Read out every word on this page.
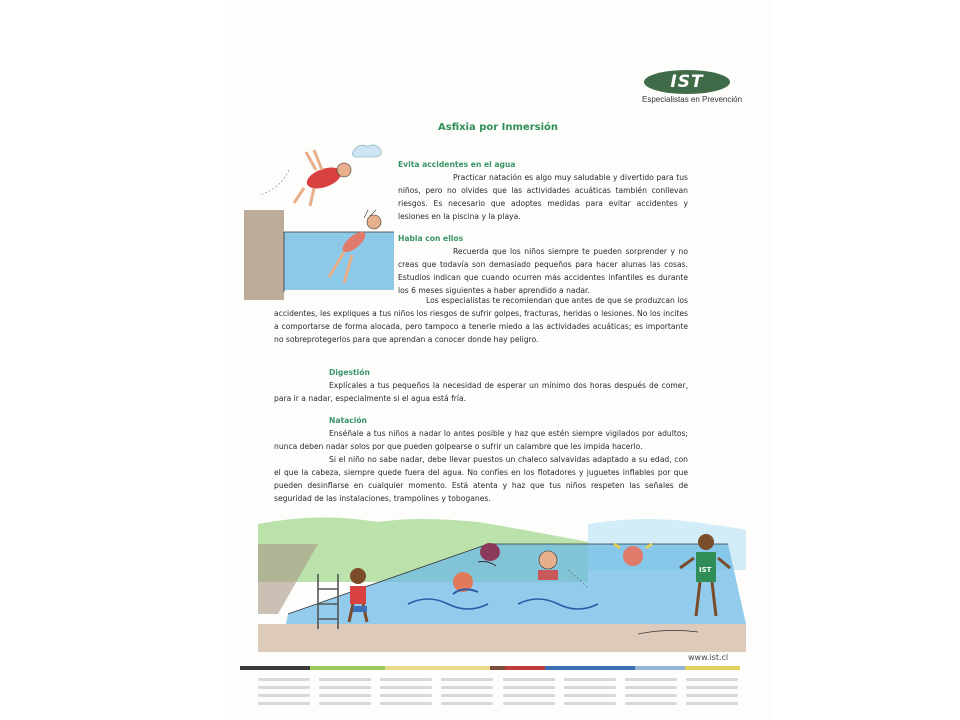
IST
Especialistas en Prevención
Asfixia por Inmersión
Evita accidentes en el agua
Practicar natación es algo muy saludable y divertido para tus niños, pero no olvides que las actividades acuáticas también conllevan riesgos. Es necesario que adoptes medidas para evitar accidentes y lesiones en la piscina y la playa.
Habla con ellos
Recuerda que los niños siempre te pueden sorprender y no creas que todavía son demasiado pequeños para hacer alunas las cosas. Estudios indican que cuando ocurren más accidentes infantiles es durante los 6 meses siguientes a haber aprendido a nadar.
Los especialistas te recomiendan que antes de que se produzcan los accidentes, les expliques a tus niños los riesgos de sufrir golpes, fracturas, heridas o lesiones. No los incites a comportarse de forma alocada, pero tampoco a tenerle miedo a las actividades acuáticas; es importante no sobreprotegerlos para que aprendan a conocer donde hay peligro.
Digestión
Explícales a tus pequeños la necesidad de esperar un mínimo dos horas después de comer, para ir a nadar, especialmente si el agua está fría.
Natación
Enséñale a tus niños a nadar lo antes posible y haz que estén siempre vigilados por adultos; nunca deben nadar solos por que pueden golpearse o sufrir un calambre que les impida hacerlo.
Si el niño no sabe nadar, debe llevar puestos un chaleco salvavidas adaptado a su edad, con el que la cabeza, siempre quede fuera del agua. No confíes en los flotadores y juguetes inflables por que pueden desinflarse en cualquier momento. Está atenta y haz que tus niños respeten las señales de seguridad de las instalaciones, trampolines y toboganes.
IST
www.ist.cl
